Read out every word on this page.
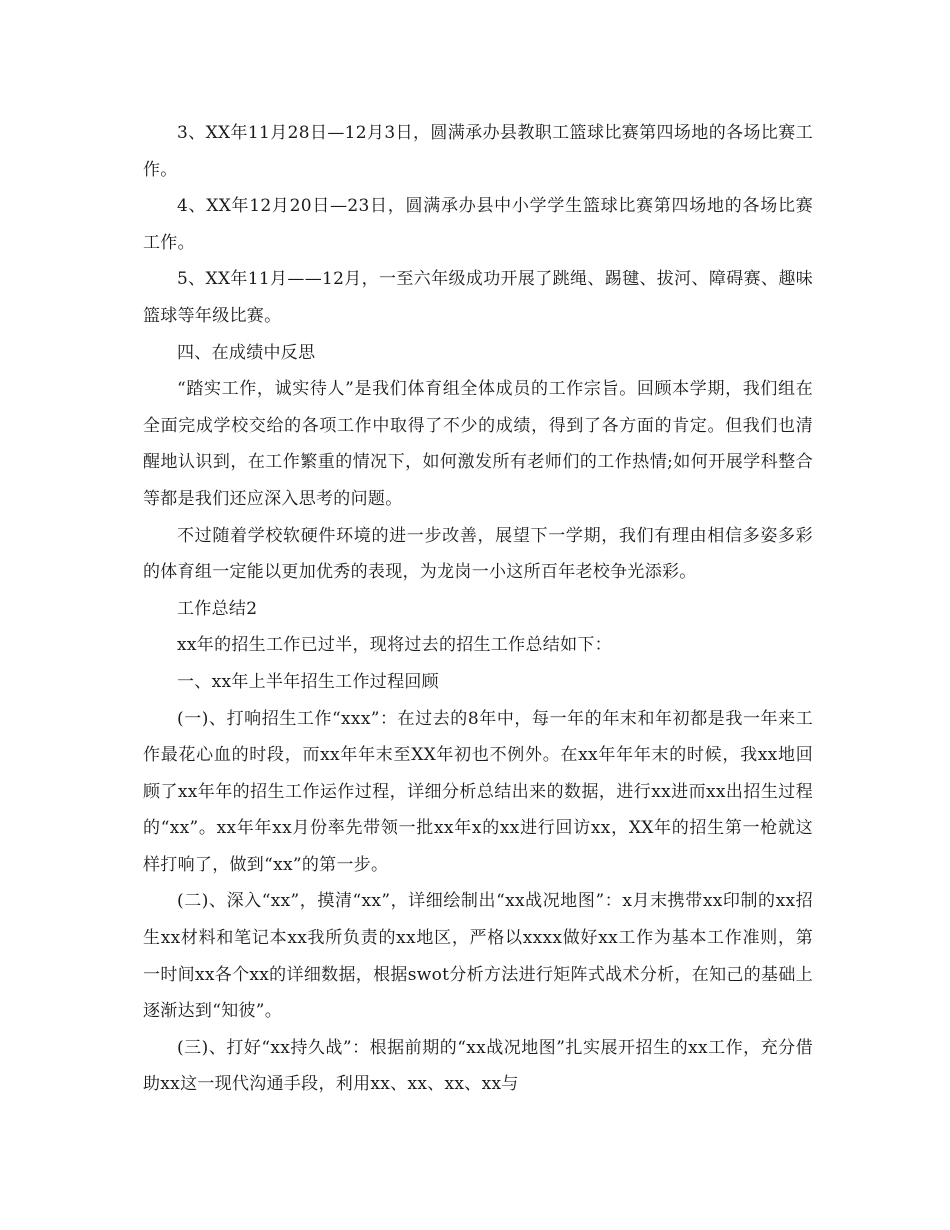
3、XX年11月28日—12月3日，圆满承办县教职工篮球比赛第四场地的各场比赛工作。

4、XX年12月20日—23日，圆满承办县中小学学生篮球比赛第四场地的各场比赛工作。

5、XX年11月——12月，一至六年级成功开展了跳绳、踢毽、拔河、障碍赛、趣味篮球等年级比赛。

四、在成绩中反思

“踏实工作，诚实待人”是我们体育组全体成员的工作宗旨。回顾本学期，我们组在全面完成学校交给的各项工作中取得了不少的成绩，得到了各方面的肯定。但我们也清醒地认识到，在工作繁重的情况下，如何激发所有老师们的工作热情;如何开展学科整合等都是我们还应深入思考的问题。

不过随着学校软硬件环境的进一步改善，展望下一学期，我们有理由相信多姿多彩的体育组一定能以更加优秀的表现，为龙岗一小这所百年老校争光添彩。

工作总结2

xx年的招生工作已过半，现将过去的招生工作总结如下：

一、xx年上半年招生工作过程回顾

(一)、打响招生工作“xxx”：在过去的8年中，每一年的年末和年初都是我一年来工作最花心血的时段，而xx年年末至XX年初也不例外。在xx年年年末的时候，我xx地回顾了xx年年的招生工作运作过程，详细分析总结出来的数据，进行xx进而xx出招生过程的“xx”。xx年年xx月份率先带领一批xx年x的xx进行回访xx，XX年的招生第一枪就这样打响了，做到“xx”的第一步。

(二)、深入“xx”，摸清“xx”，详细绘制出“xx战况地图”：x月末携带xx印制的xx招生xx材料和笔记本xx我所负责的xx地区，严格以xxxx做好xx工作为基本工作准则，第一时间xx各个xx的详细数据，根据swot分析方法进行矩阵式战术分析，在知己的基础上逐渐达到“知彼”。

(三)、打好“xx持久战”：根据前期的“xx战况地图”扎实展开招生的xx工作，充分借助xx这一现代沟通手段，利用xx、xx、xx、xx与
